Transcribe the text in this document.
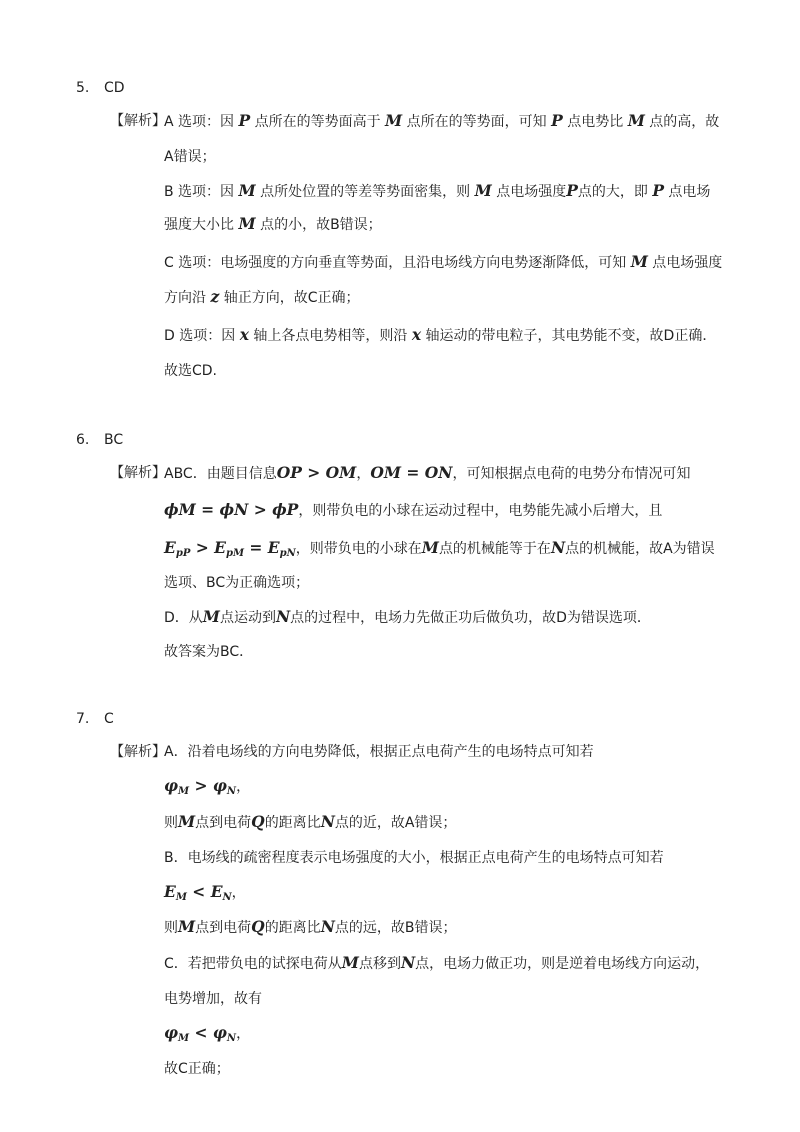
5. CD
【解析】
6. BC
【解析】
7. C
【解析】
A 选项：因 P 点所在的等势面高于 M 点所在的等势面，可知 P 点电势比 M 点的高，故
A错误；
B 选项：因 M 点所处位置的等差等势面密集，则 M 点电场强度P点的大，即 P 点电场
强度大小比 M 点的小，故B错误；
C 选项：电场强度的方向垂直等势面，且沿电场线方向电势逐渐降低，可知 M 点电场强度
方向沿 z 轴正方向，故C正确；
D 选项：因 x 轴上各点电势相等，则沿 x 轴运动的带电粒子，其电势能不变，故D正确．
故选CD.
ABC．由题目信息OP > OM，OM = ON，可知根据点电荷的电势分布情况可知
ϕM = ϕN > ϕP，则带负电的小球在运动过程中，电势能先减小后增大，且
$E_{pP} > E_{pM} = E_{pN}$，则带负电的小球在M点的机械能等于在N点的机械能，故A为错误
选项、BC为正确选项；
D．从M点运动到N点的过程中，电场力先做正功后做负功，故D为错误选项．
故答案为BC．
A．沿着电场线的方向电势降低，根据正点电荷产生的电场特点可知若
$\varphi_M > \varphi_N$，
则M点到电荷Q的距离比N点的近，故A错误；
B．电场线的疏密程度表示电场强度的大小，根据正点电荷产生的电场特点可知若
$E_M < E_N$，
则M点到电荷Q的距离比N点的远，故B错误；
C．若把带负电的试探电荷从M点移到N点，电场力做正功，则是逆着电场线方向运动，
电势增加，故有
$\varphi_M < \varphi_N$，
故C正确；
